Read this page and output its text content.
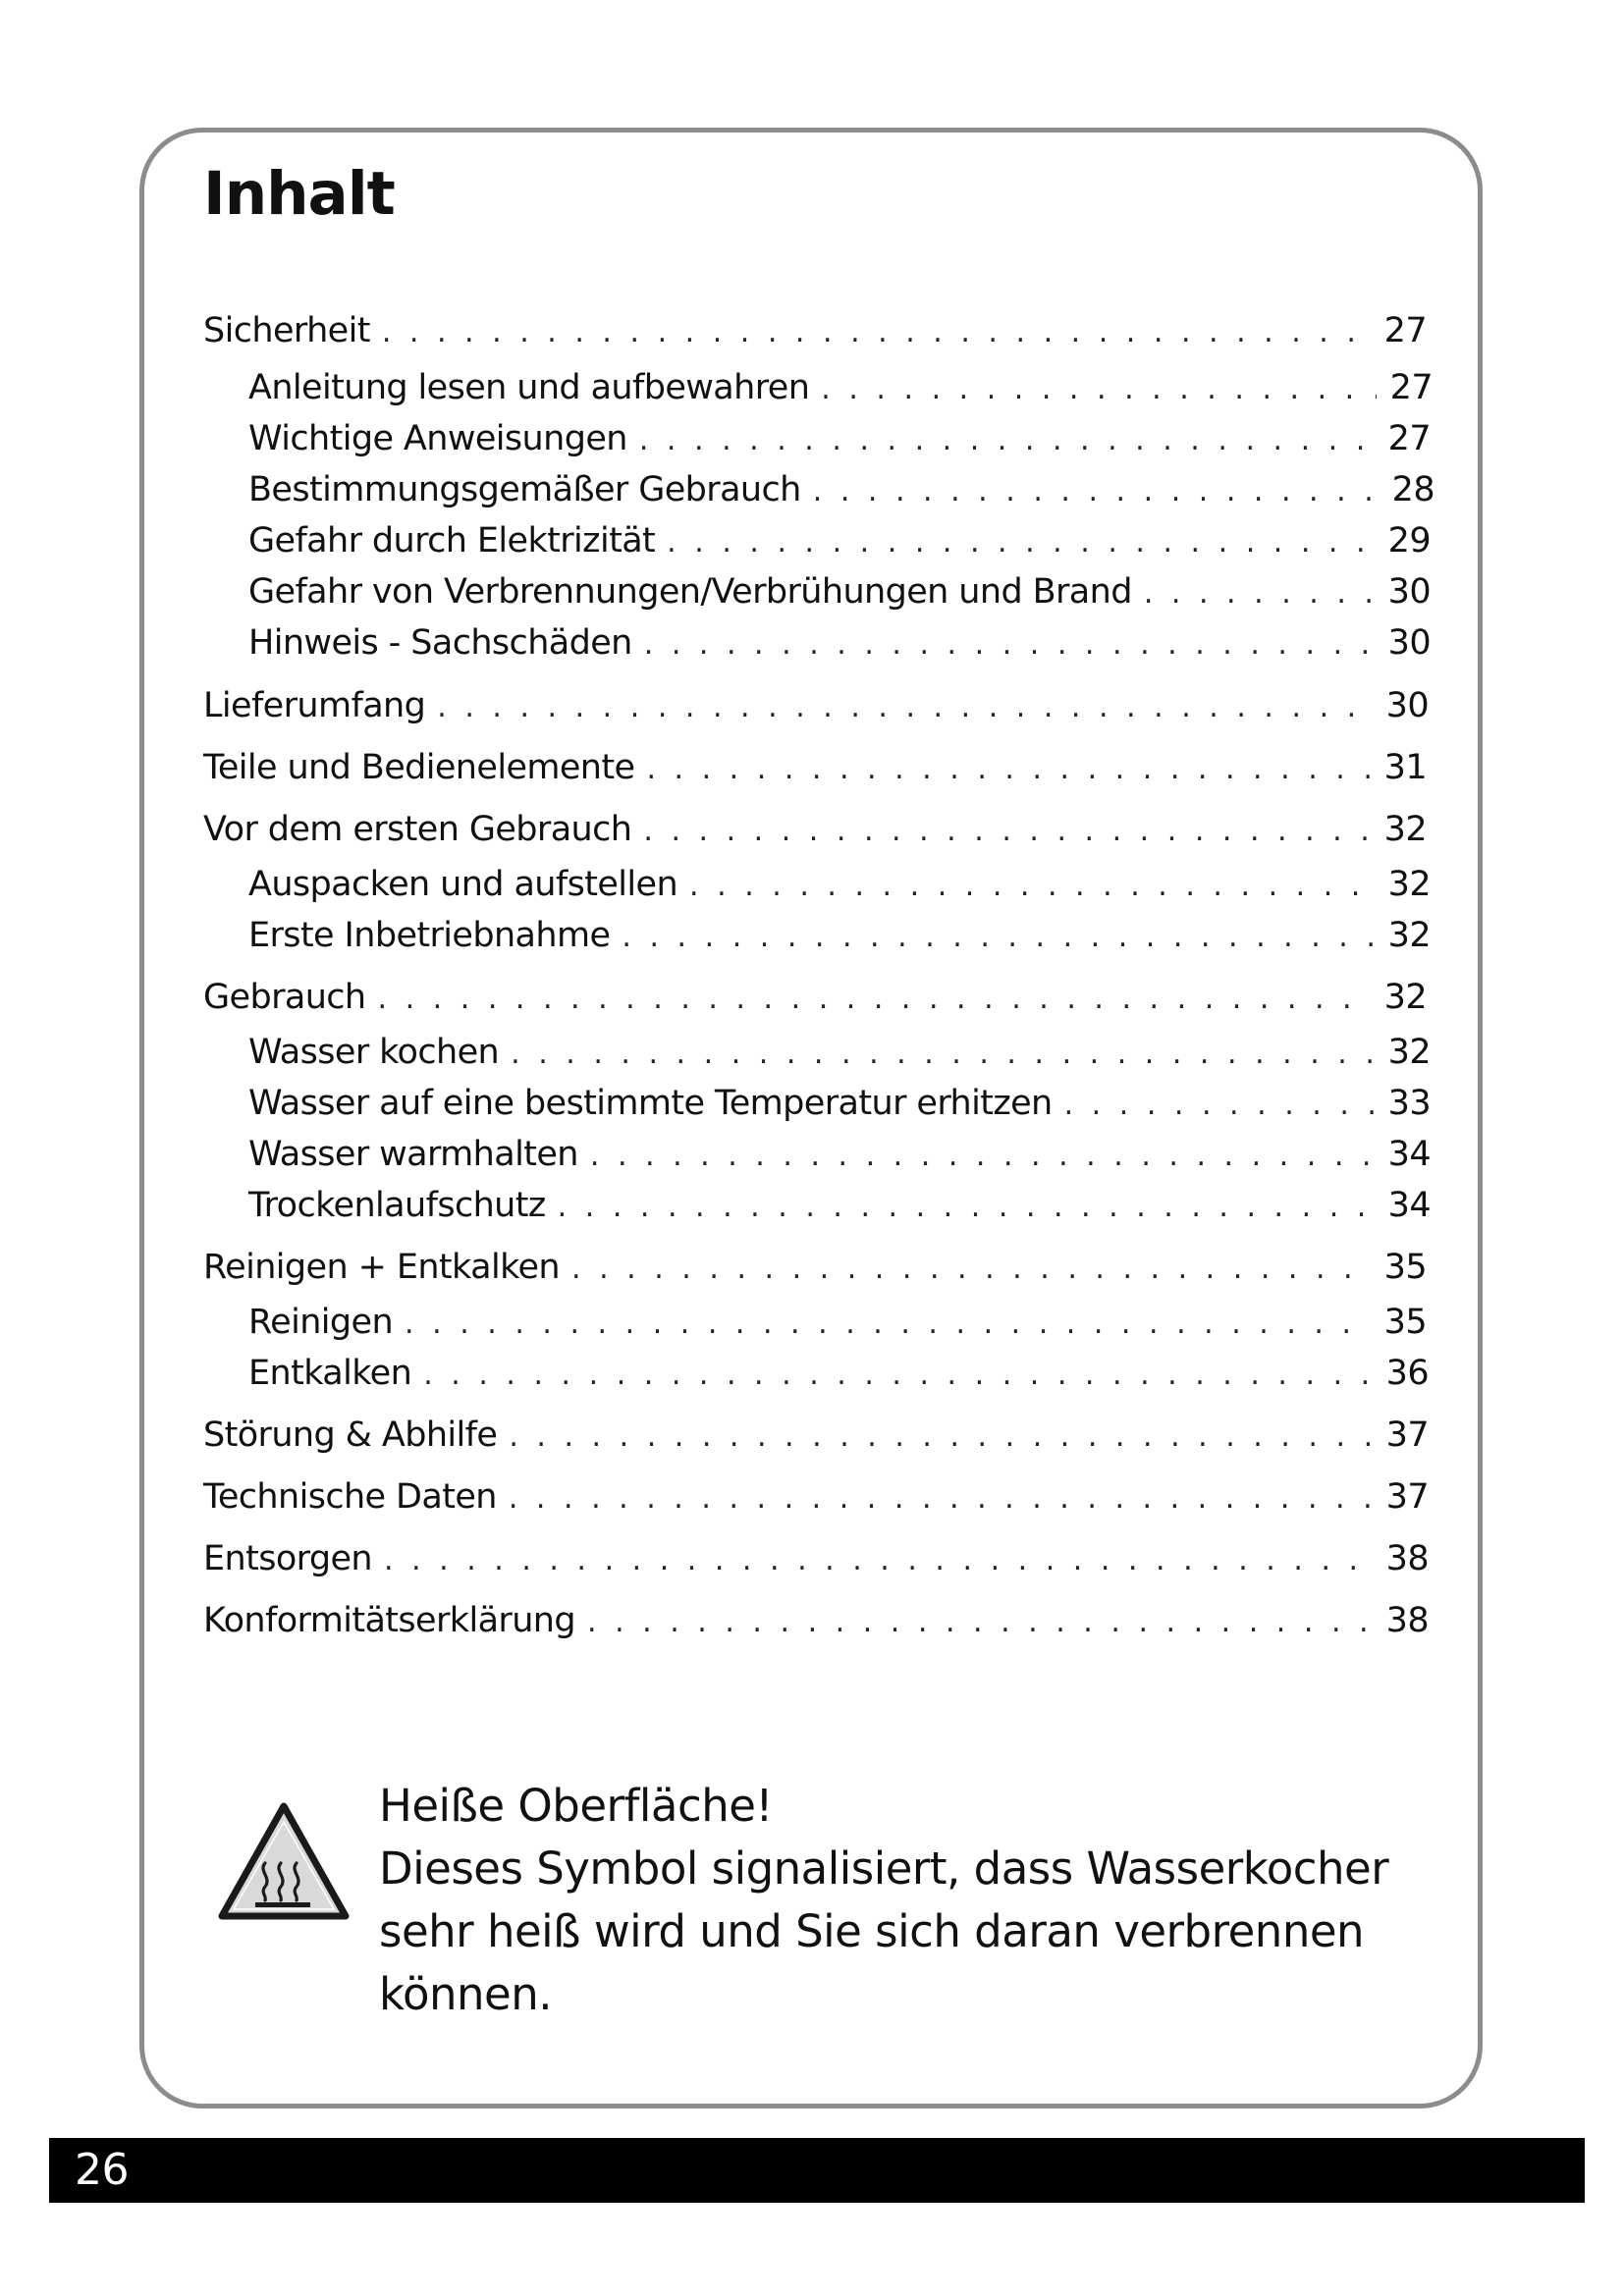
Inhalt
Sicherheit . . .	27
Anleitung lesen und aufbewahren . . .	27
Wichtige Anweisungen . . .	27
Bestimmungsgemäßer Gebrauch . . .	28
Gefahr durch Elektrizität . . .	29
Gefahr von Verbrennungen/Verbrühungen und Brand . . .	30
Hinweis - Sachschäden . . .	30
Lieferumfang . . .	30
Teile und Bedienelemente . . .	31
Vor dem ersten Gebrauch . . .	32
Auspacken und aufstellen . . .	32
Erste Inbetriebnahme . . .	32
Gebrauch . . .	32
Wasser kochen . . .	32
Wasser auf eine bestimmte Temperatur erhitzen . . .	33
Wasser warmhalten . . .	34
Trockenlaufschutz . . .	34
Reinigen + Entkalken . . .	35
Reinigen . . .	35
Entkalken . . .	36
Störung & Abhilfe . . .	37
Technische Daten . . .	37
Entsorgen . . .	38
Konformitätserklärung . . .	38
Heiße Oberfläche!
Dieses Symbol signalisiert, dass Wasserkocher
sehr heiß wird und Sie sich daran verbrennen
können.
26
